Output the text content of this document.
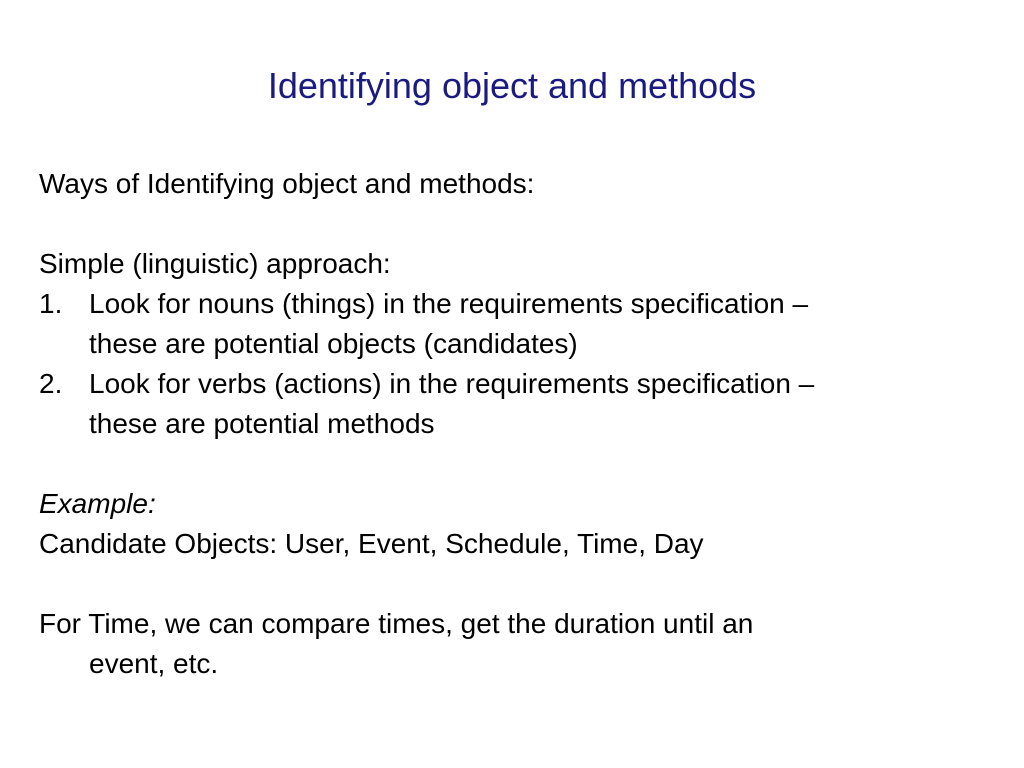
Identifying object and methods
Ways of Identifying object and methods:
Simple (linguistic) approach:
1. Look for nouns (things) in the requirements specification –
these are potential objects (candidates)
2. Look for verbs (actions) in the requirements specification –
these are potential methods
Example:
Candidate Objects: User, Event, Schedule, Time, Day
For Time, we can compare times, get the duration until an
event, etc.
